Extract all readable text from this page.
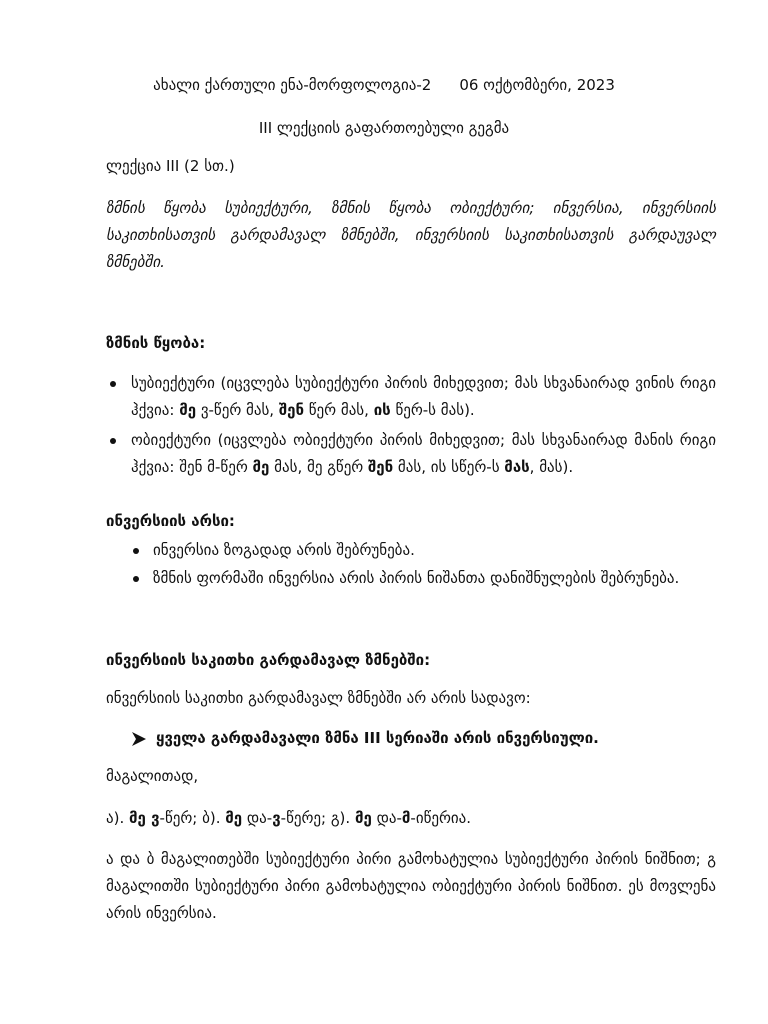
ახალი ქართული ენა-მორფოლოგია-2 06 ოქტომბერი, 2023
III ლექციის გაფართოებული გეგმა
ლექცია III (2 სთ.)

ზმნის წყობა სუბიექტური, ზმნის წყობა ობიექტური; ინვერსია, ინვერსიის საკითხისათვის გარდამავალ ზმნებში, ინვერსიის საკითხისათვის გარდაუვალ ზმნებში.

ზმნის წყობა:

სუბიექტური (იცვლება სუბიექტური პირის მიხედვით; მას სხვანაირად ვინის რიგი ჰქვია: მე ვ-წერ მას, შენ წერ მას, ის წერ-ს მას).

ობიექტური (იცვლება ობიექტური პირის მიხედვით; მას სხვანაირად მანის რიგი ჰქვია: შენ მ-წერ მე მას, მე გწერ შენ მას, ის სწერ-ს მას, მას).

ინვერსიის არსი:

ინვერსია ზოგადად არის შებრუნება.

ზმნის ფორმაში ინვერსია არის პირის ნიშანთა დანიშნულების შებრუნება.

ინვერსიის საკითხი გარდამავალ ზმნებში:
ინვერსიის საკითხი გარდამავალ ზმნებში არ არის სადავო:
ყველა გარდამავალი ზმნა III სერიაში არის ინვერსიული.
მაგალითად,
ა). მე ვ-წერ; ბ). მე და-ვ-წერე; გ). მე და-მ-იწერია.

ა და ბ მაგალითებში სუბიექტური პირი გამოხატულია სუბიექტური პირის ნიშნით; გ მაგალითში სუბიექტური პირი გამოხატულია ობიექტური პირის ნიშნით. ეს მოვლენა არის ინვერსია.
